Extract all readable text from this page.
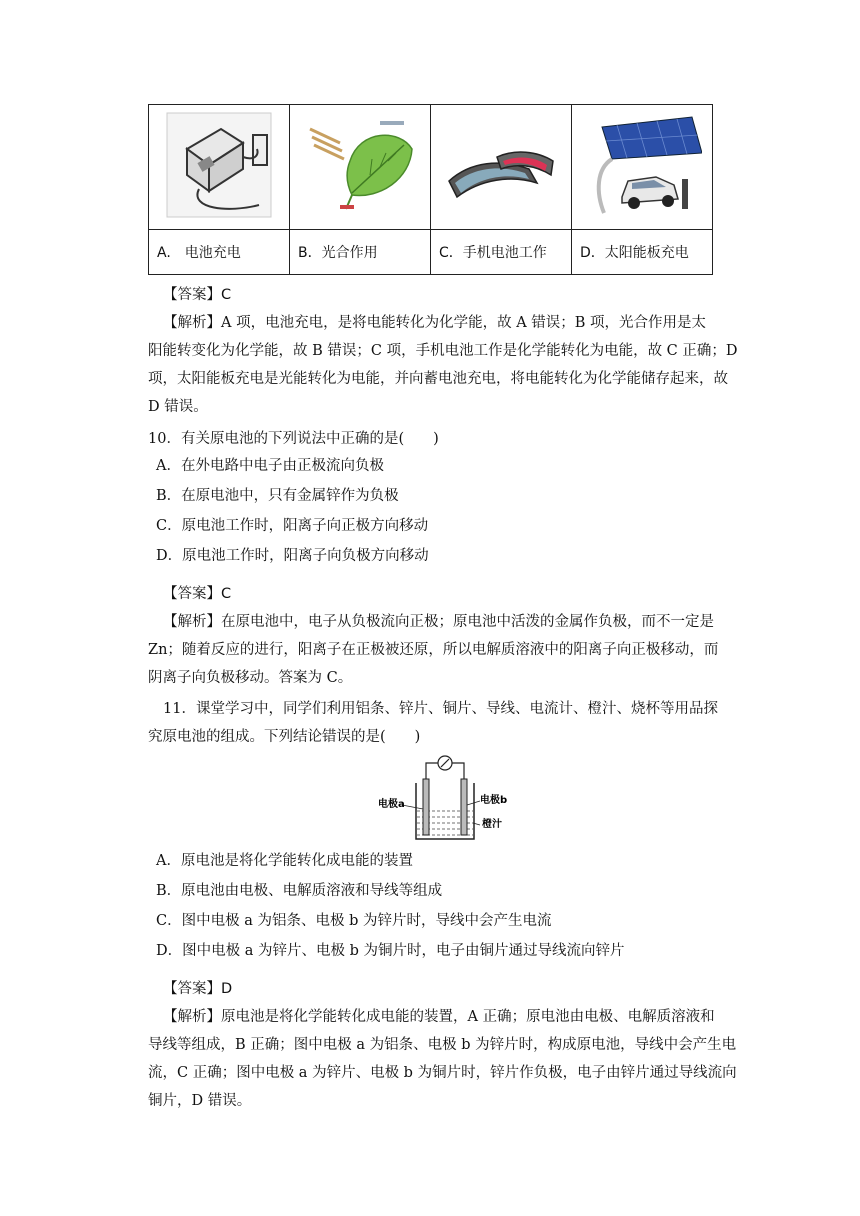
A.　电池充电	B．光合作用	C．手机电池工作	D．太阳能板充电
【答案】C
【解析】A 项，电池充电，是将电能转化为化学能，故 A 错误；B 项，光合作用是太
阳能转变化为化学能，故 B 错误；C 项，手机电池工作是化学能转化为电能，故 C 正确；D
项，太阳能板充电是光能转化为电能，并向蓄电池充电，将电能转化为化学能储存起来，故
D 错误。
10．有关原电池的下列说法中正确的是(　　)
A．在外电路中电子由正极流向负极
B．在原电池中，只有金属锌作为负极
C．原电池工作时，阳离子向正极方向移动
D．原电池工作时，阳离子向负极方向移动
【答案】C
【解析】在原电池中，电子从负极流向正极；原电池中活泼的金属作负极，而不一定是
Zn；随着反应的进行，阳离子在正极被还原，所以电解质溶液中的阳离子向正极移动，而
阴离子向负极移动。答案为 C。
11．课堂学习中，同学们利用铝条、锌片、铜片、导线、电流计、橙汁、烧杯等用品探
究原电池的组成。下列结论错误的是(　　)
电极a	电极b
橙汁
A．原电池是将化学能转化成电能的装置
B．原电池由电极、电解质溶液和导线等组成
C．图中电极 a 为铝条、电极 b 为锌片时，导线中会产生电流
D．图中电极 a 为锌片、电极 b 为铜片时，电子由铜片通过导线流向锌片
【答案】D
【解析】原电池是将化学能转化成电能的装置，A 正确；原电池由电极、电解质溶液和
导线等组成，B 正确；图中电极 a 为铝条、电极 b 为锌片时，构成原电池，导线中会产生电
流，C 正确；图中电极 a 为锌片、电极 b 为铜片时，锌片作负极，电子由锌片通过导线流向
铜片，D 错误。
